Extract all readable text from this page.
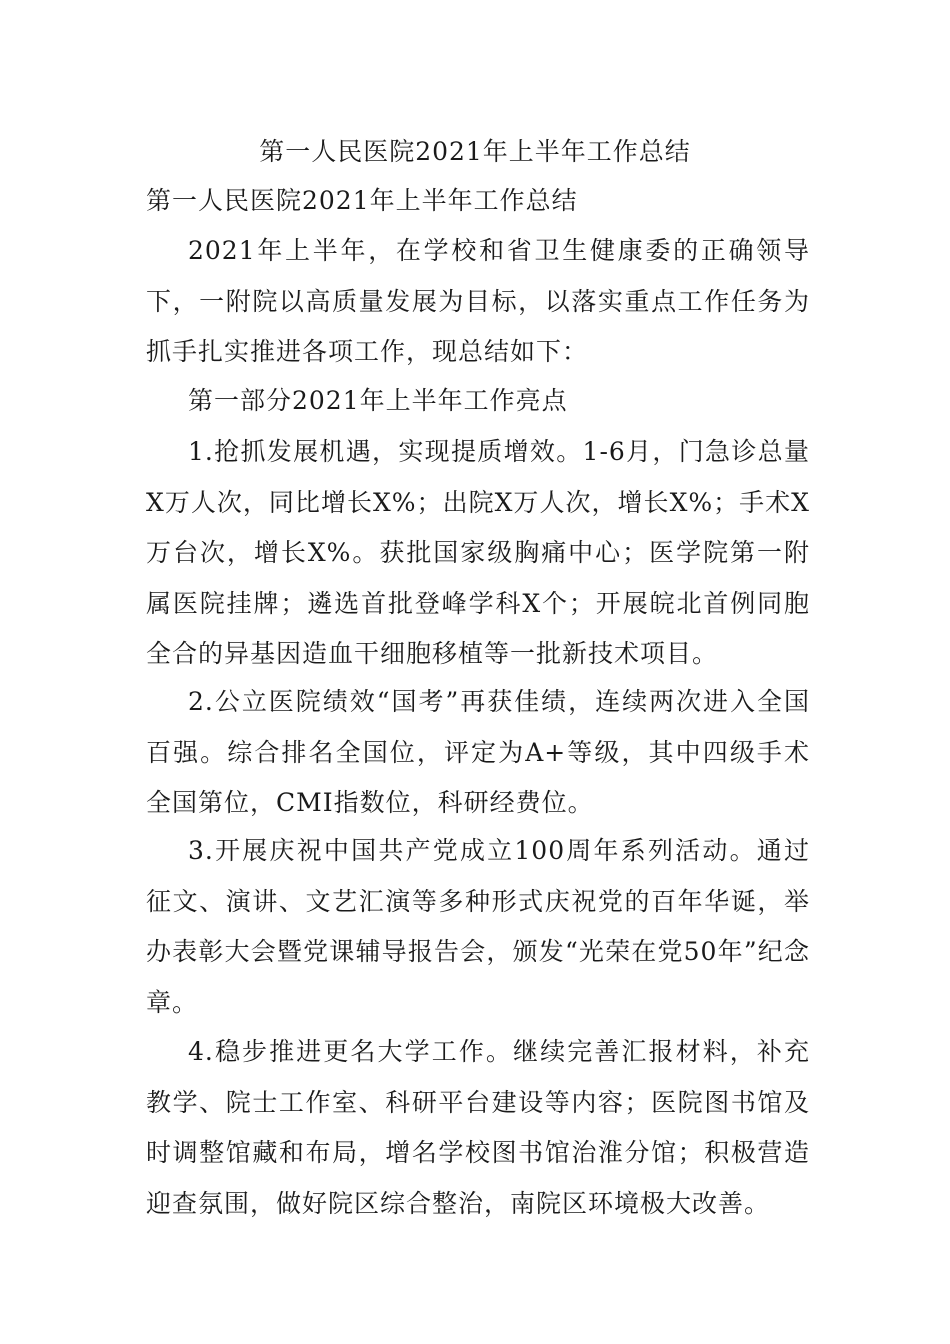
第一人民医院2021年上半年工作总结
第一人民医院2021年上半年工作总结

2021年上半年，在学校和省卫生健康委的正确领导下，一附院以高质量发展为目标，以落实重点工作任务为抓手扎实推进各项工作，现总结如下：

第一部分2021年上半年工作亮点

1.抢抓发展机遇，实现提质增效。1-6月，门急诊总量X万人次，同比增长X%；出院X万人次，增长X%；手术X万台次，增长X%。获批国家级胸痛中心；医学院第一附属医院挂牌；遴选首批登峰学科X个；开展皖北首例同胞全合的异基因造血干细胞移植等一批新技术项目。

2.公立医院绩效“国考”再获佳绩，连续两次进入全国百强。综合排名全国位，评定为A+等级，其中四级手术全国第位，CMI指数位，科研经费位。

3.开展庆祝中国共产党成立100周年系列活动。通过征文、演讲、文艺汇演等多种形式庆祝党的百年华诞，举办表彰大会暨党课辅导报告会，颁发“光荣在党50年”纪念章。

4.稳步推进更名大学工作。继续完善汇报材料，补充教学、院士工作室、科研平台建设等内容；医院图书馆及时调整馆藏和布局，增名学校图书馆治淮分馆；积极营造迎查氛围，做好院区综合整治，南院区环境极大改善。
